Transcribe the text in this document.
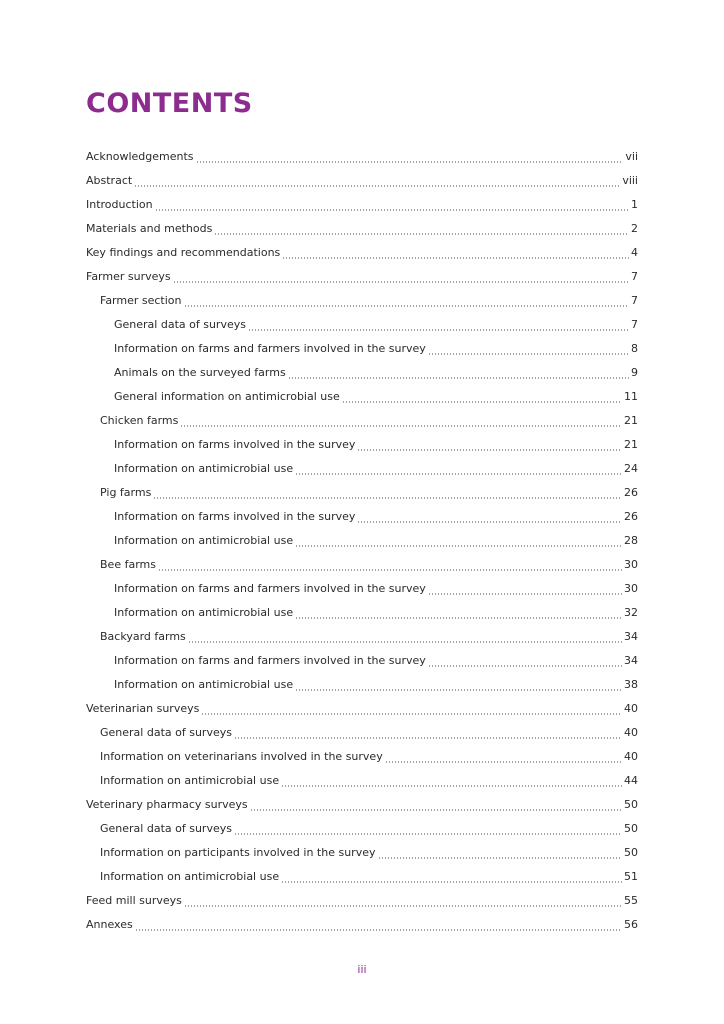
CONTENTS
Acknowledgements	vii
Abstract	viii
Introduction	1
Materials and methods	2
Key findings and recommendations	4
Farmer surveys	7
Farmer section	7
General data of surveys	7
Information on farms and farmers involved in the survey	8
Animals on the surveyed farms	9
General information on antimicrobial use	11
Chicken farms	21
Information on farms involved in the survey	21
Information on antimicrobial use	24
Pig farms	26
Information on farms involved in the survey	26
Information on antimicrobial use	28
Bee farms	30
Information on farms and farmers involved in the survey	30
Information on antimicrobial use	32
Backyard farms	34
Information on farms and farmers involved in the survey	34
Information on antimicrobial use	38
Veterinarian surveys	40
General data of surveys	40
Information on veterinarians involved in the survey	40
Information on antimicrobial use	44
Veterinary pharmacy surveys	50
General data of surveys	50
Information on participants involved in the survey	50
Information on antimicrobial use	51
Feed mill surveys	55
Annexes	56
iii
